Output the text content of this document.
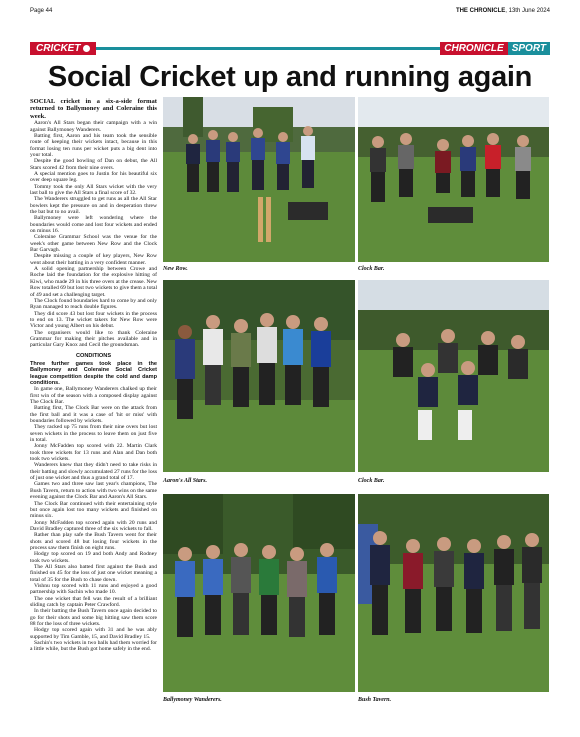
Page 44	THE CHRONICLE, 13th June 2024
CRICKET	CHRONICLE SPORT
Social Cricket up and running again

SOCIAL cricket in a six-a-side format returned to Ballymoney and Coleraine this week.

Aaron's All Stars began their campaign with a win against Ballymoney Wanderers.

Batting first, Aaron and his team took the sensible route of keeping their wickets intact, because in this format losing ten runs per wicket puts a big dent into your total.

Despite the good bowling of Dan on debut, the All Stars scored 42 from their nine overs.

A special mention goes to Justin for his beautiful six over deep square leg.

Tommy took the only All Stars wicket with the very last ball to give the All Stars a final score of 32.

The Wanderers struggled to get runs as all the All Star bowlers kept the pressure on and in desperation threw the bat but to no avail.

Ballymoney were left wondering where the boundaries would come and lost four wickets and ended on minus 16.

Coleraine Grammar School was the venue for the week's other game between New Row and the Clock Bar Garvagh.

Despite missing a couple of key players, New Row went about their batting in a very confident manner.

A solid opening partnership between Crowe and Roche laid the foundation for the explosive hitting of Kiwi, who made 29 in his three overs at the crease. New Row totalled 69 but lost two wickets to give them a total of 49 and set a challenging target.

The Clock found boundaries hard to come by and only Ryan managed to reach double figures.

They did score 43 but lost four wickets in the process to end on 13. The wicket takers for New Row were Victor and young Albert on his debut.

The organisers would like to thank Coleraine Grammar for making their pitches available and in particular Gary Knox and Cecil the groundsman.

CONDITIONS

Three further games took place in the Ballymoney and Coleraine Social Cricket league competition despite the cold and damp conditions.

In game one, Ballymoney Wanderers chalked up their first win of the season with a composed display against The Clock Bar.

Batting first, The Clock Bar were on the attack from the first ball and it was a case of 'hit or miss' with boundaries followed by wickets.

They racked up 75 runs from their nine overs but lost seven wickets in the process to leave them on just five in total.

Jonny McFadden top scored with 22. Martin Clark took three wickets for 13 runs and Alan and Dan both took two wickets.

Wanderers knew that they didn't need to take risks in their batting and slowly accumulated 27 runs for the loss of just one wicket and thus a grand total of 17.

Games two and three saw last year's champions, The Bush Tavern, return to action with two wins on the same evening against the Clock Bar and Aaron's All Stars.

The Clock Bar continued with their entertaining style but once again lost too many wickets and finished on minus six.

Jonny McFadden top scored again with 20 runs and David Bradley captured three of the six wickets to fall.

Rather than play safe the Bush Tavern went for their shots and scored 48 but losing four wickets in the process saw them finish on eight runs.

Hodgy top scored on 19 and both Andy and Rodney took two wickets.

The All Stars also batted first against the Bush and finished on 45 for the loss of just one wicket meaning a total of 35 for the Bush to chase down.

Vishnu top scored with 11 runs and enjoyed a good partnership with Sachin who made 10.

The one wicket that fell was the result of a brilliant sliding catch by captain Peter Crawford.

In their batting the Bush Tavern once again decided to go for their shots and some big hitting saw them score 88 for the loss of three wickets.

Hodgy top scored again with 31 and he was ably supported by Tim Gamble, 15, and David Bradley 15.

Sachin's two wickets in two balls had them worried for a little while, but the Bush got home safely in the end.

New Row.	Clock Bar.
Aaron's All Stars.	Clock Bar.
Ballymoney Wanderers.	Bush Tavern.
